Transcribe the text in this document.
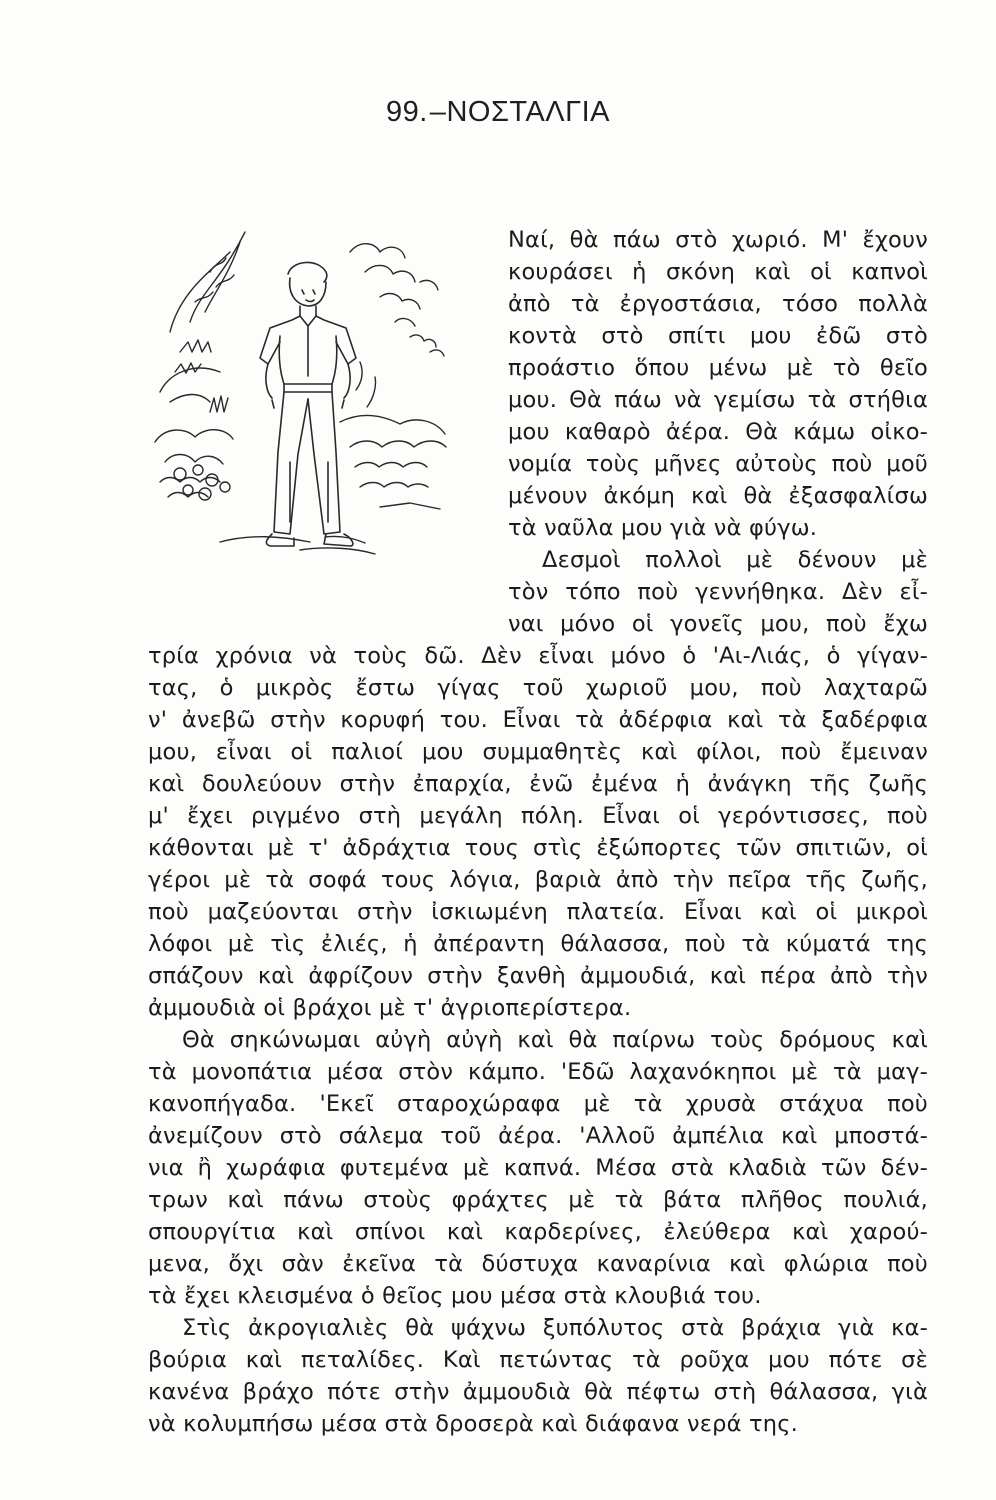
99.–ΝΟΣΤΑΛΓΙΑ
Ναί, θὰ πάω στὸ χωριό. Μ' ἔχουν
κουράσει ἡ σκόνη καὶ οἱ καπνοὶ
ἀπὸ τὰ ἐργοστάσια, τόσο πολλὰ
κοντὰ στὸ σπίτι μου ἐδῶ στὸ
προάστιο ὅπου μένω μὲ τὸ θεῖο
μου. Θὰ πάω νὰ γεμίσω τὰ στήθια
μου καθαρὸ ἀέρα. Θὰ κάμω οἰκο-
νομία τοὺς μῆνες αὐτοὺς ποὺ μοῦ
μένουν ἀκόμη καὶ θὰ ἐξασφαλίσω
τὰ ναῦλα μου γιὰ νὰ φύγω.
Δεσμοὶ πολλοὶ μὲ δένουν μὲ
τὸν τόπο ποὺ γεννήθηκα. Δὲν εἶ-
ναι μόνο οἱ γονεῖς μου, ποὺ ἔχω
τρία χρόνια νὰ τοὺς δῶ. Δὲν εἶναι μόνο ὁ 'Αι-Λιάς, ὁ γίγαν-
τας, ὁ μικρὸς ἔστω γίγας τοῦ χωριοῦ μου, ποὺ λαχταρῶ
ν' ἀνεβῶ στὴν κορυφή του. Εἶναι τὰ ἀδέρφια καὶ τὰ ξαδέρφια
μου, εἶναι οἱ παλιοί μου συμμαθητὲς καὶ φίλοι, ποὺ ἔμειναν
καὶ δουλεύουν στὴν ἐπαρχία, ἐνῶ ἐμένα ἡ ἀνάγκη τῆς ζωῆς
μ' ἔχει ριγμένο στὴ μεγάλη πόλη. Εἶναι οἱ γερόντισσες, ποὺ
κάθονται μὲ τ' ἀδράχτια τους στὶς ἐξώπορτες τῶν σπιτιῶν, οἱ
γέροι μὲ τὰ σοφά τους λόγια, βαριὰ ἀπὸ τὴν πεῖρα τῆς ζωῆς,
ποὺ μαζεύονται στὴν ἰσκιωμένη πλατεία. Εἶναι καὶ οἱ μικροὶ
λόφοι μὲ τὶς ἐλιές, ἡ ἀπέραντη θάλασσα, ποὺ τὰ κύματά της
σπάζουν καὶ ἀφρίζουν στὴν ξανθὴ ἀμμουδιά, καὶ πέρα ἀπὸ τὴν
ἀμμουδιὰ οἱ βράχοι μὲ τ' ἀγριοπερίστερα.
Θὰ σηκώνωμαι αὐγὴ αὐγὴ καὶ θὰ παίρνω τοὺς δρόμους καὶ
τὰ μονοπάτια μέσα στὸν κάμπο. 'Εδῶ λαχανόκηποι μὲ τὰ μαγ-
κανοπήγαδα. 'Εκεῖ σταροχώραφα μὲ τὰ χρυσὰ στάχυα ποὺ
ἀνεμίζουν στὸ σάλεμα τοῦ ἀέρα. 'Αλλοῦ ἀμπέλια καὶ μποστά-
νια ἢ χωράφια φυτεμένα μὲ καπνά. Μέσα στὰ κλαδιὰ τῶν δέν-
τρων καὶ πάνω στοὺς φράχτες μὲ τὰ βάτα πλῆθος πουλιά,
σπουργίτια καὶ σπίνοι καὶ καρδερίνες, ἐλεύθερα καὶ χαρού-
μενα, ὄχι σὰν ἐκεῖνα τὰ δύστυχα καναρίνια καὶ φλώρια ποὺ
τὰ ἔχει κλεισμένα ὁ θεῖος μου μέσα στὰ κλουβιά του.
Στὶς ἀκρογιαλιὲς θὰ ψάχνω ξυπόλυτος στὰ βράχια γιὰ κα-
βούρια καὶ πεταλίδες. Καὶ πετώντας τὰ ροῦχα μου πότε σὲ
κανένα βράχο πότε στὴν ἀμμουδιὰ θὰ πέφτω στὴ θάλασσα, γιὰ
νὰ κολυμπήσω μέσα στὰ δροσερὰ καὶ διάφανα νερά της.
